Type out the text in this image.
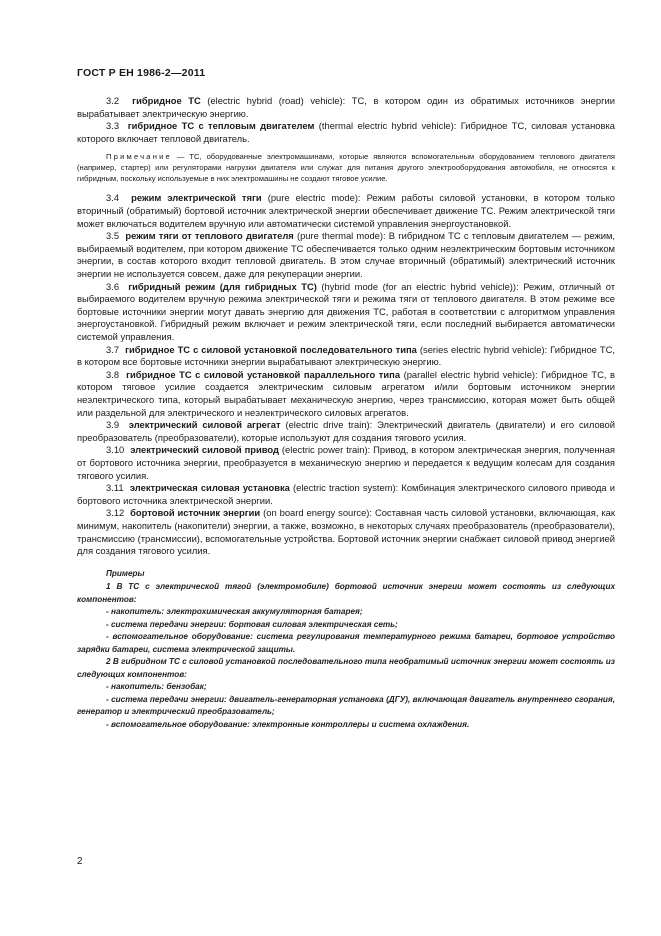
ГОСТ Р ЕН 1986-2—2011

3.2 гибридное ТС (electric hybrid (road) vehicle): ТС, в котором один из обратимых источников энергии вырабатывает электрическую энергию.

3.3 гибридное ТС с тепловым двигателем (thermal electric hybrid vehicle): Гибридное ТС, силовая установка которого включает тепловой двигатель.

Примечание — ТС, оборудованные электромашинами, которые являются вспомогательным оборудованием теплового двигателя (например, стартер) или регуляторами нагрузки двигателя или служат для питания другого электрооборудования автомобиля, не относятся к гибридным, поскольку используемые в них электромашины не создают тяговое усилие.

3.4 режим электрической тяги (pure electric mode): Режим работы силовой установки, в котором только вторичный (обратимый) бортовой источник электрической энергии обеспечивает движение ТС. Режим электрической тяги может включаться водителем вручную или автоматически системой управления энергоустановкой.

3.5 режим тяги от теплового двигателя (pure thermal mode): В гибридном ТС с тепловым двигателем — режим, выбираемый водителем, при котором движение ТС обеспечивается только одним неэлектрическим бортовым источником энергии, в состав которого входит тепловой двигатель. В этом случае вторичный (обратимый) электрический источник энергии не используется совсем, даже для рекуперации энергии.

3.6 гибридный режим (для гибридных ТС) (hybrid mode (for an electric hybrid vehicle)): Режим, отличный от выбираемого водителем вручную режима электрической тяги и режима тяги от теплового двигателя. В этом режиме все бортовые источники энергии могут давать энергию для движения ТС, работая в соответствии с алгоритмом управления энергоустановкой. Гибридный режим включает и режим электрической тяги, если последний выбирается автоматически системой управления.

3.7 гибридное ТС с силовой установкой последовательного типа (series electric hybrid vehicle): Гибридное ТС, в котором все бортовые источники энергии вырабатывают электрическую энергию.

3.8 гибридное ТС с силовой установкой параллельного типа (parallel electric hybrid vehicle): Гибридное ТС, в котором тяговое усилие создается электрическим силовым агрегатом и/или бортовым источником энергии неэлектрического типа, который вырабатывает механическую энергию, через трансмиссию, которая может быть общей или раздельной для электрического и неэлектрического силовых агрегатов.

3.9 электрический силовой агрегат (electric drive train): Электрический двигатель (двигатели) и его силовой преобразователь (преобразователи), которые используют для создания тягового усилия.

3.10 электрический силовой привод (electric power train): Привод, в котором электрическая энергия, полученная от бортового источника энергии, преобразуется в механическую энергию и передается к ведущим колесам для создания тягового усилия.

3.11 электрическая силовая установка (electric traction system): Комбинация электрического силового привода и бортового источника электрической энергии.

3.12 бортовой источник энергии (on board energy source): Составная часть силовой установки, включающая, как минимум, накопитель (накопители) энергии, а также, возможно, в некоторых случаях преобразователь (преобразователи), трансмиссию (трансмиссии), вспомогательные устройства. Бортовой источник энергии снабжает силовой привод энергией для создания тягового усилия.

Примеры

1 В ТС с электрической тягой (электромобиле) бортовой источник энергии может состоять из следующих компонентов:

- накопитель: электрохимическая аккумуляторная батарея;

- система передачи энергии: бортовая силовая электрическая сеть;

- вспомогательное оборудование: система регулирования температурного режима батареи, бортовое устройство зарядки батареи, система электрической защиты.

2 В гибридном ТС с силовой установкой последовательного типа необратимый источник энергии может состоять из следующих компонентов:

- накопитель: бензобак;

- система передачи энергии: двигатель-генераторная установка (ДГУ), включающая двигатель внутреннего сгорания, генератор и электрический преобразователь;

- вспомогательное оборудование: электронные контроллеры и система охлаждения.

2
